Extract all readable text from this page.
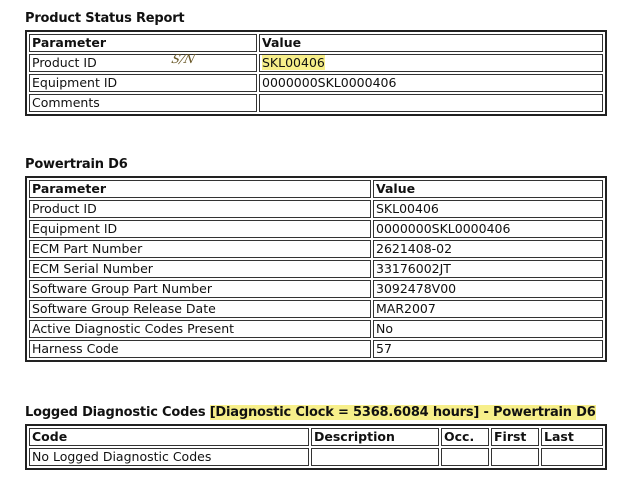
Product Status Report
Parameter	Value
Product ID	SKL00406
Equipment ID	0000000SKL0000406
Comments	
S/N
Powertrain D6
Parameter	Value
Product ID	SKL00406
Equipment ID	0000000SKL0000406
ECM Part Number	2621408-02
ECM Serial Number	33176002JT
Software Group Part Number	3092478V00
Software Group Release Date	MAR2007
Active Diagnostic Codes Present	No
Harness Code	57
Logged Diagnostic Codes [Diagnostic Clock = 5368.6084 hours] - Powertrain D6
Code	Description	Occ.	First	Last
No Logged Diagnostic Codes				
